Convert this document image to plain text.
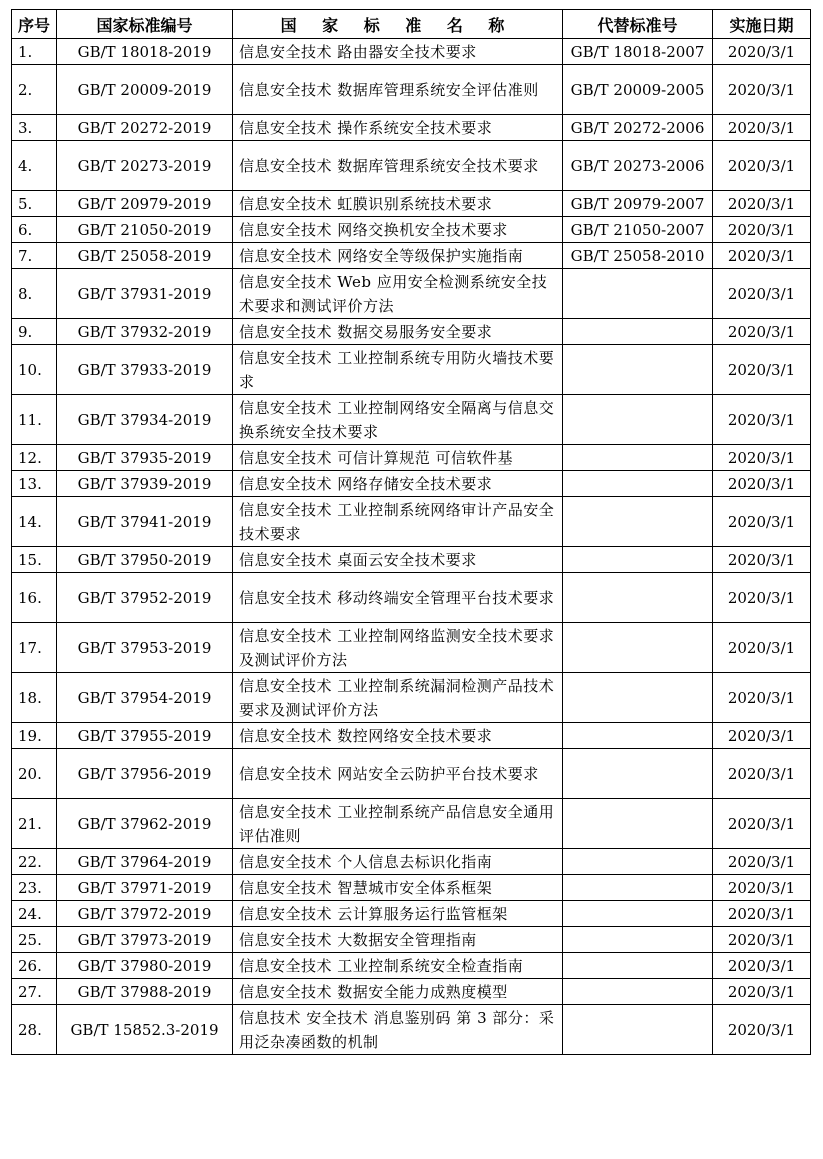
序号	国家标准编号	国 家 标 准 名 称	代替标准号	实施日期
1.	GB/T 18018-2019	信息安全技术 路由器安全技术要求	GB/T 18018-2007	2020/3/1
2.	GB/T 20009-2019	信息安全技术 数据库管理系统安全评估准则	GB/T 20009-2005	2020/3/1
3.	GB/T 20272-2019	信息安全技术 操作系统安全技术要求	GB/T 20272-2006	2020/3/1
4.	GB/T 20273-2019	信息安全技术 数据库管理系统安全技术要求	GB/T 20273-2006	2020/3/1
5.	GB/T 20979-2019	信息安全技术 虹膜识别系统技术要求	GB/T 20979-2007	2020/3/1
6.	GB/T 21050-2019	信息安全技术 网络交换机安全技术要求	GB/T 21050-2007	2020/3/1
7.	GB/T 25058-2019	信息安全技术 网络安全等级保护实施指南	GB/T 25058-2010	2020/3/1
8.	GB/T 37931-2019	信息安全技术 Web 应用安全检测系统安全技术要求和测试评价方法		2020/3/1
9.	GB/T 37932-2019	信息安全技术 数据交易服务安全要求		2020/3/1
10.	GB/T 37933-2019	信息安全技术 工业控制系统专用防火墙技术要求		2020/3/1
11.	GB/T 37934-2019	信息安全技术 工业控制网络安全隔离与信息交换系统安全技术要求		2020/3/1
12.	GB/T 37935-2019	信息安全技术 可信计算规范 可信软件基		2020/3/1
13.	GB/T 37939-2019	信息安全技术 网络存储安全技术要求		2020/3/1
14.	GB/T 37941-2019	信息安全技术 工业控制系统网络审计产品安全技术要求		2020/3/1
15.	GB/T 37950-2019	信息安全技术 桌面云安全技术要求		2020/3/1
16.	GB/T 37952-2019	信息安全技术 移动终端安全管理平台技术要求		2020/3/1
17.	GB/T 37953-2019	信息安全技术 工业控制网络监测安全技术要求及测试评价方法		2020/3/1
18.	GB/T 37954-2019	信息安全技术 工业控制系统漏洞检测产品技术要求及测试评价方法		2020/3/1
19.	GB/T 37955-2019	信息安全技术 数控网络安全技术要求		2020/3/1
20.	GB/T 37956-2019	信息安全技术 网站安全云防护平台技术要求		2020/3/1
21.	GB/T 37962-2019	信息安全技术 工业控制系统产品信息安全通用评估准则		2020/3/1
22.	GB/T 37964-2019	信息安全技术 个人信息去标识化指南		2020/3/1
23.	GB/T 37971-2019	信息安全技术 智慧城市安全体系框架		2020/3/1
24.	GB/T 37972-2019	信息安全技术 云计算服务运行监管框架		2020/3/1
25.	GB/T 37973-2019	信息安全技术 大数据安全管理指南		2020/3/1
26.	GB/T 37980-2019	信息安全技术 工业控制系统安全检查指南		2020/3/1
27.	GB/T 37988-2019	信息安全技术 数据安全能力成熟度模型		2020/3/1
28.	GB/T 15852.3-2019	信息技术 安全技术 消息鉴别码 第 3 部分：采用泛杂凑函数的机制		2020/3/1
